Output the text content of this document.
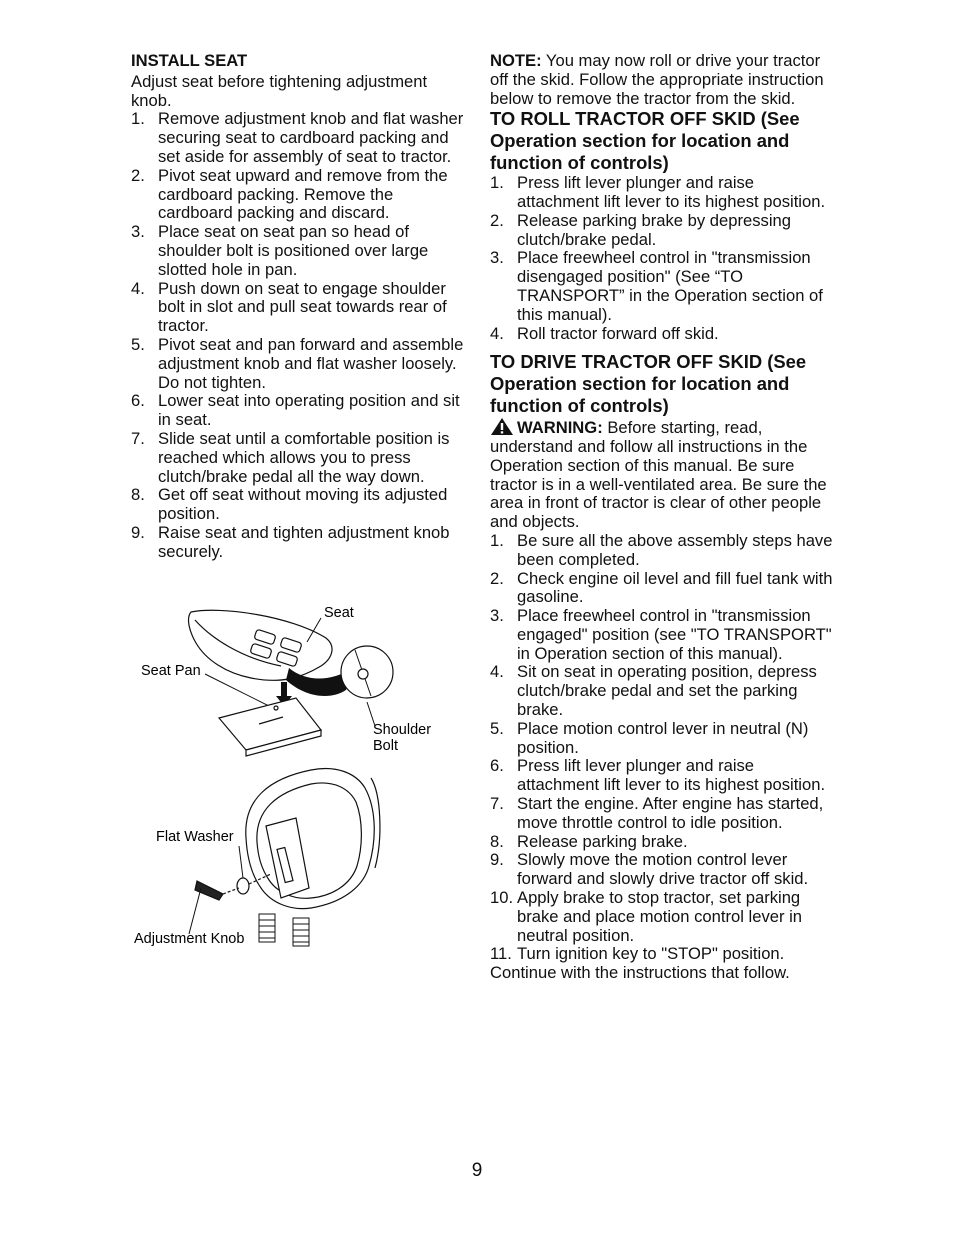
INSTALL SEAT

Adjust seat before tightening adjustment knob.

1. Remove adjustment knob and flat washer securing seat to cardboard packing and set aside for assembly of seat to tractor.
2. Pivot seat upward and remove from the cardboard packing. Remove the cardboard packing and discard.
3. Place seat on seat pan so head of shoulder bolt is positioned over large slotted hole in pan.
4. Push down on seat to engage shoulder bolt in slot and pull seat towards rear of tractor.
5. Pivot seat and pan forward and assemble adjustment knob and flat washer loosely. Do not tighten.
6. Lower seat into operating position and sit in seat.
7. Slide seat until a comfortable position is reached which allows you to press clutch/brake pedal all the way down.
8. Get off seat without moving its adjusted position.
9. Raise seat and tighten adjustment knob securely.
Seat
Seat Pan
Shoulder
Bolt
Flat Washer
Adjustment Knob

NOTE: You may now roll or drive your tractor off the skid. Follow the appropriate instruction below to remove the tractor from the skid.

TO ROLL TRACTOR OFF SKID (See Operation section for location and function of controls)
1. Press lift lever plunger and raise attachment lift lever to its highest position.
2. Release parking brake by depressing clutch/brake pedal.
3. Place freewheel control in "transmission disengaged position" (See “TO TRANSPORT” in the Operation section of this manual).
4. Roll tractor forward off skid.
TO DRIVE TRACTOR OFF SKID (See Operation section for location and function of controls)

WARNING: Before starting, read, understand and follow all instructions in the Operation section of this manual. Be sure tractor is in a well-ventilated area. Be sure the area in front of tractor is clear of other people and objects.

1. Be sure all the above assembly steps have been completed.
2. Check engine oil level and fill fuel tank with gasoline.
3. Place freewheel control in "transmission engaged" position (see "TO TRANSPORT" in Operation section of this manual).
4. Sit on seat in operating position, depress clutch/brake pedal and set the parking brake.
5. Place motion control lever in neutral (N) position.
6. Press lift lever plunger and raise attachment lift lever to its highest position.
7. Start the engine. After engine has started, move throttle control to idle position.
8. Release parking brake.
9. Slowly move the motion control lever forward and slowly drive tractor off skid.
10. Apply brake to stop tractor, set parking brake and place motion control lever in neutral position.
11. Turn ignition key to "STOP" position.

Continue with the instructions that follow.

9
